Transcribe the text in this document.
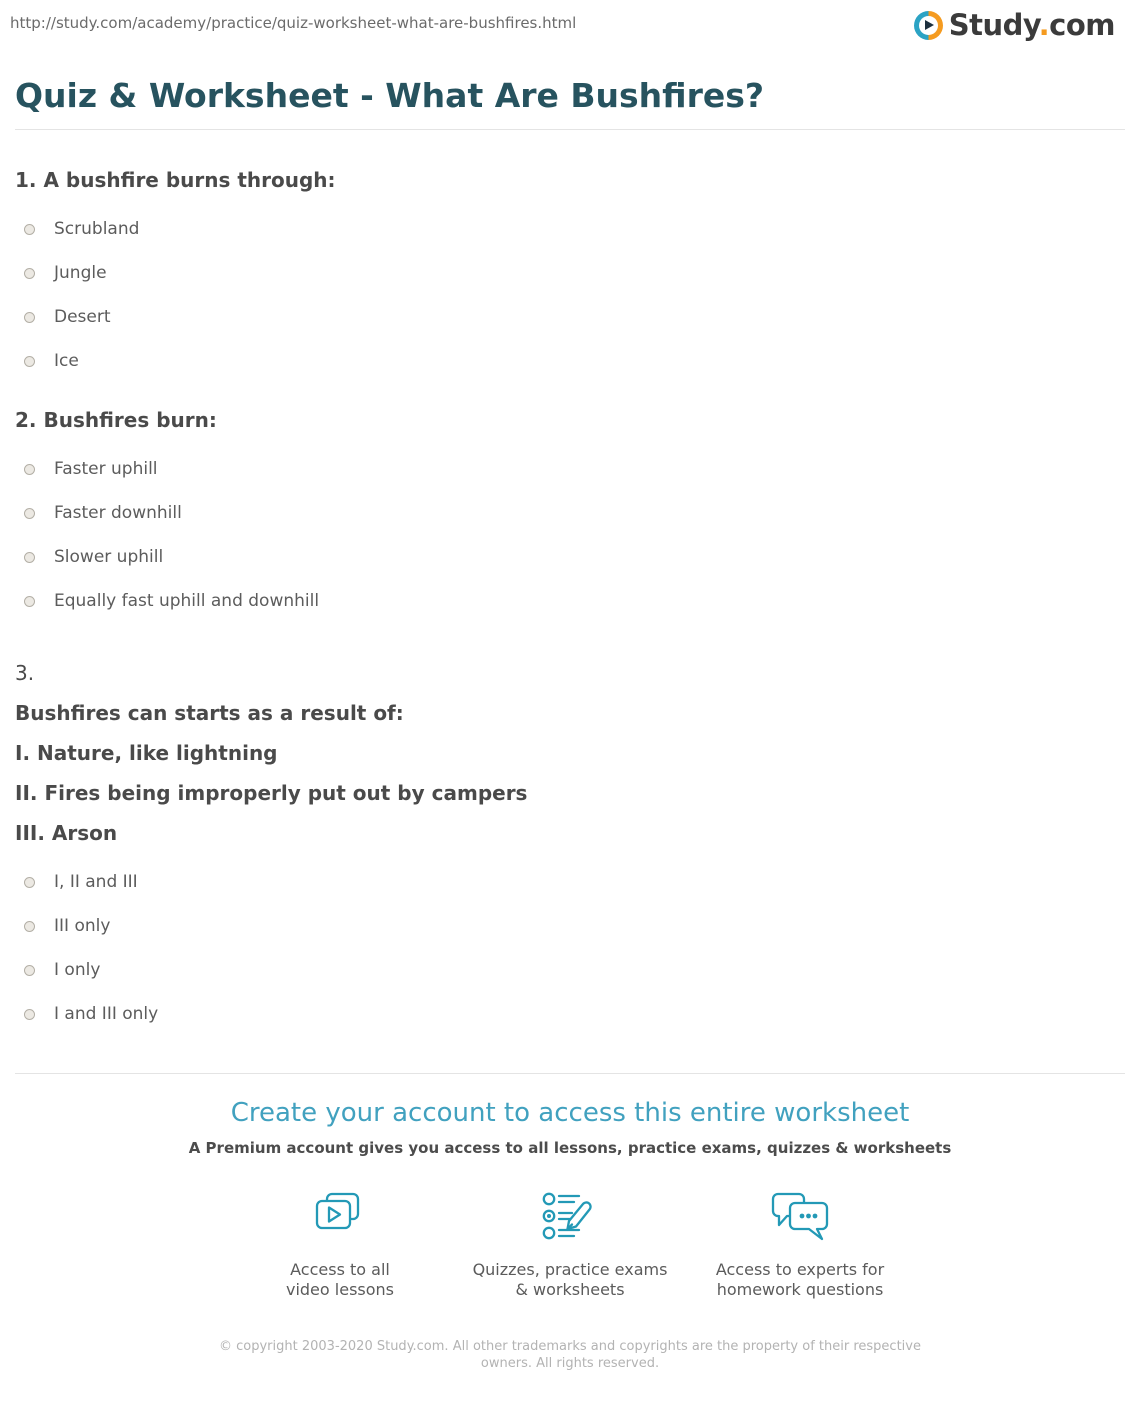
http://study.com/academy/practice/quiz-worksheet-what-are-bushfires.html	Study.com
Quiz & Worksheet - What Are Bushfires?
1. A bushfire burns through:
Scrubland
Jungle
Desert
Ice
2. Bushfires burn:
Faster uphill
Faster downhill
Slower uphill
Equally fast uphill and downhill
3.
Bushfires can starts as a result of:
I. Nature, like lightning
II. Fires being improperly put out by campers
III. Arson
I, II and III
III only
I only
I and III only
Create your account to access this entire worksheet
A Premium account gives you access to all lessons, practice exams, quizzes & worksheets
Access to all
video lessons
Quizzes, practice exams
& worksheets
Access to experts for
homework questions
© copyright 2003-2020 Study.com. All other trademarks and copyrights are the property of their respective owners. All rights reserved.
